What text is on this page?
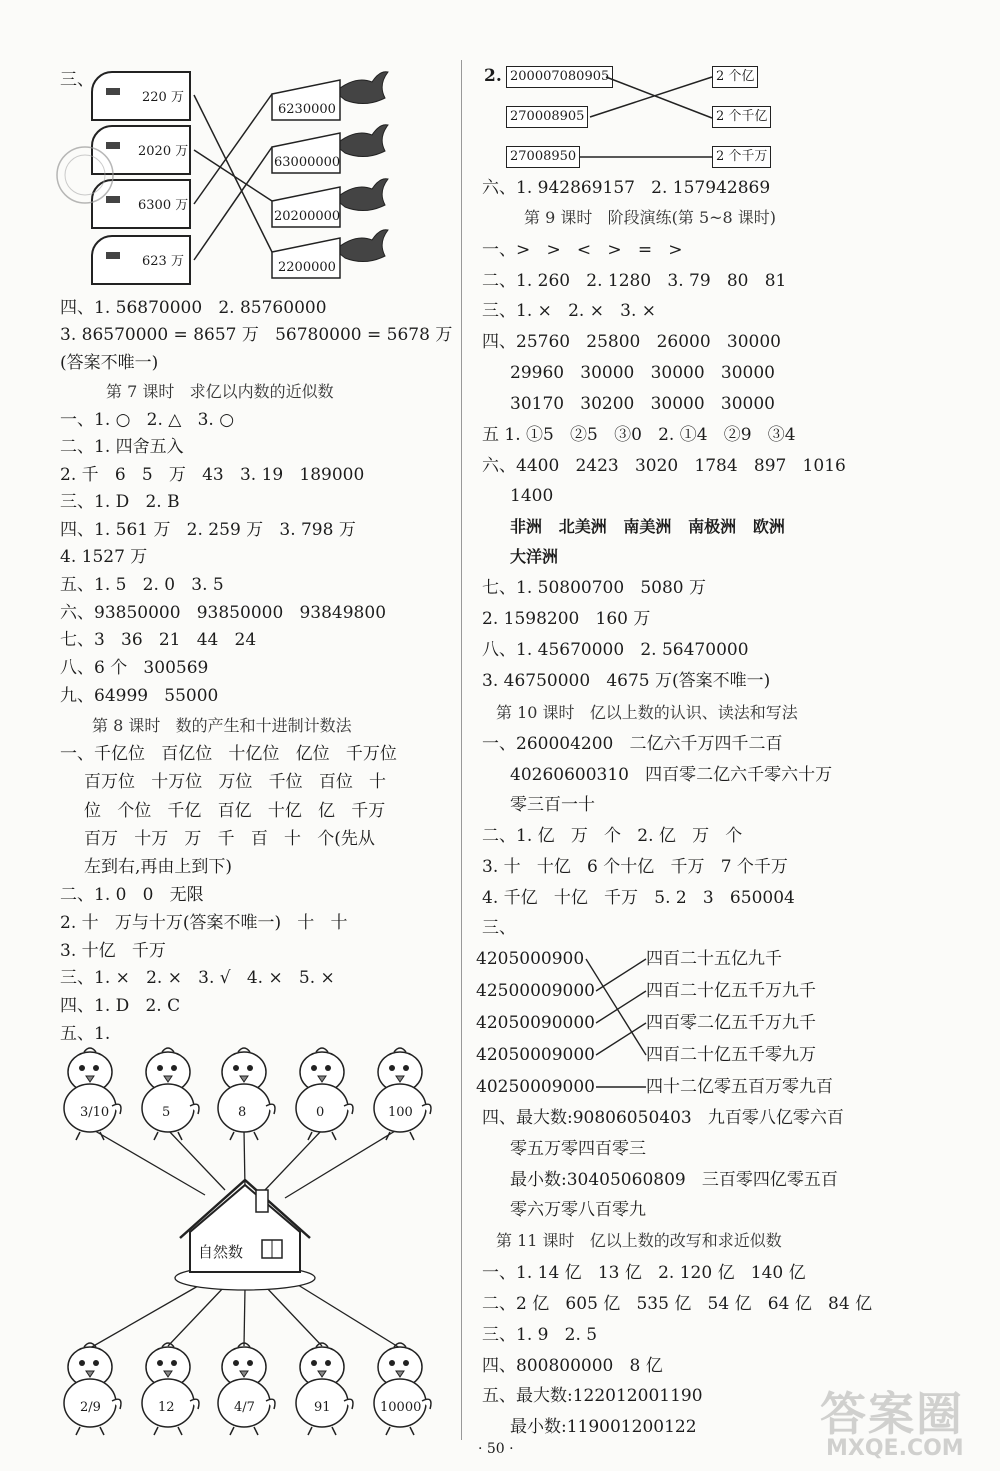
三、
220 万
2020 万
6300 万
623 万
6230000
63000000
20200000
2200000
四、1. 56870000   2. 85760000
3. 86570000 = 8657 万   56780000 = 5678 万
(答案不唯一)
第 7 课时   求亿以内数的近似数
一、1. ○   2. △   3. ○
二、1. 四舍五入
2. 千   6   5   万   43   3. 19   189000
三、1. D   2. B
四、1. 561 万   2. 259 万   3. 798 万
4. 1527 万
五、1. 5   2. 0   3. 5
六、93850000   93850000   93849800
七、3   36   21   44   24
八、6 个   300569
九、64999   55000
第 8 课时   数的产生和十进制计数法
一、千亿位   百亿位   十亿位   亿位   千万位
百万位   十万位   万位   千位   百位   十
位   个位   千亿   百亿   十亿   亿   千万
百万   十万   万   千   百   十   个(先从
左到右,再由上到下)
二、1. 0   0   无限
2. 十   万与十万(答案不唯一)   十   十
3. 十亿   千万
三、1. ×   2. ×   3. √   4. ×   5. ×
四、1. D   2. C
五、1.
3/10	5	8	0	100
自然数
2/9	12	4/7	91	10000
2. 200007080905
270008905
27008950
2 个亿
2 个千亿
2 个千万
六、1. 942869157   2. 157942869
第 9 课时   阶段演练(第 5~8 课时)
一、>   >   <   >   =   >
二、1. 260   2. 1280   3. 79   80   81
三、1. ×   2. ×   3. ×
四、25760   25800   26000   30000
29960   30000   30000   30000
30170   30200   30000   30000
五 1. ①5   ②5   ③0   2. ①4   ②9   ③4
六、4400   2423   3020   1784   897   1016
1400
非洲   北美洲   南美洲   南极洲   欧洲
大洋洲
七、1. 50800700   5080 万
2. 1598200   160 万
八、1. 45670000   2. 56470000
3. 46750000   4675 万(答案不唯一)
第 10 课时   亿以上数的认识、读法和写法
一、260004200   二亿六千万四千二百
40260600310   四百零二亿六千零六十万
零三百一十
二、1. 亿   万   个   2. 亿   万   个
3. 十   十亿   6 个十亿   千万   7 个千万
4. 千亿   十亿   千万   5. 2   3   650004
三、
4205000900
42500009000
42050090000
42050009000
40250009000
四百二十五亿九千
四百二十亿五千万九千
四百零二亿五千万九千
四百二十亿五千零九万
四十二亿零五百万零九百
四、最大数:90806050403   九百零八亿零六百
零五万零四百零三
最小数:30405060809   三百零四亿零五百
零六万零八百零九
第 11 课时   亿以上数的改写和求近似数
一、1. 14 亿   13 亿   2. 120 亿   140 亿
二、2 亿   605 亿   535 亿   54 亿   64 亿   84 亿
三、1. 9   2. 5
四、800800000   8 亿
五、最大数:122012001190
最小数:119001200122
· 50 ·
答案圈
MXQE.COM
